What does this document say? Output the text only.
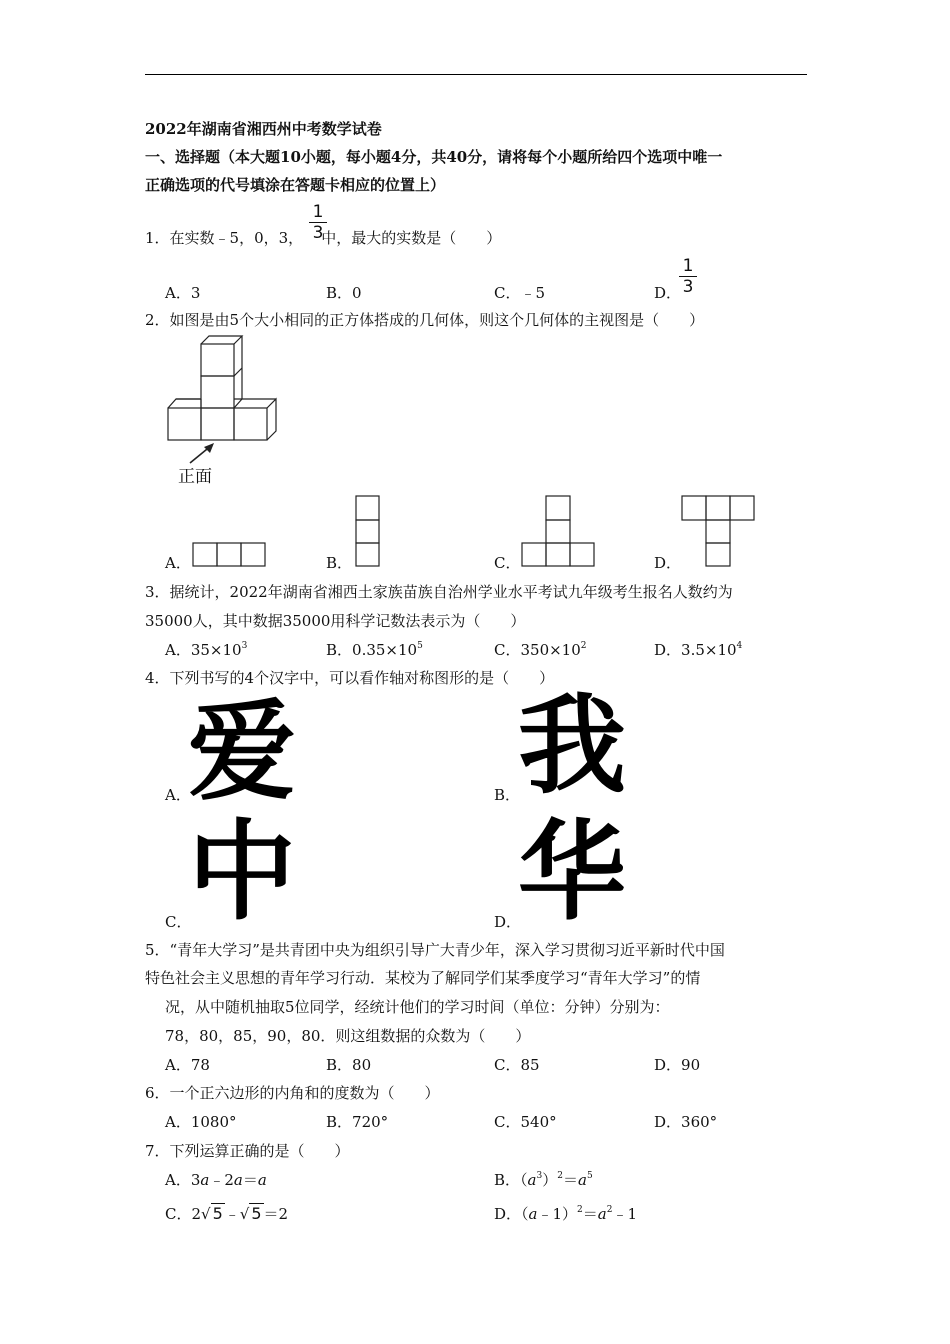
2022年湖南省湘西州中考数学试卷
一、选择题（本大题10小题，每小题4分，共40分，请将每个小题所给四个选项中唯一
正确选项的代号填涂在答题卡相应的位置上）
1．在实数﹣5，0，3， 中，最大的实数是（　　）
1
3
A．3	B．0	C．﹣5	D．
1
3
2．如图是由5个大小相同的正方体搭成的几何体，则这个几何体的主视图是（　　）
正面
A．	B．	C．	D．
3．据统计，2022年湖南省湘西土家族苗族自治州学业水平考试九年级考生报名人数约为
35000人，其中数据35000用科学记数法表示为（　　）
A．$35\times 10^3$	B．$0.35\times 10^5$	C．$350\times 10^2$	D．$3.5\times 10^4$
4．下列书写的4个汉字中，可以看作轴对称图形的是（　　）
A．
爱	B．
我
C．
中	D．
华
5．“青年大学习”是共青团中央为组织引导广大青少年，深入学习贯彻习近平新时代中国
特色社会主义思想的青年学习行动．某校为了解同学们某季度学习“青年大学习”的情
况，从中随机抽取5位同学，经统计他们的学习时间（单位：分钟）分别为：
78，80，85，90，80．则这组数据的众数为（　　）
A．78	B．80	C．85	D．90
6．一个正六边形的内角和的度数为（　　）
A．1080°	B．720°	C．540°	D．360°
7．下列运算正确的是（　　）
A．3a﹣2a＝a	B．$(a^3)^2=a^5$
C．2√ 5 ﹣√ 5 ＝2	D．$(a﹣1)^2=a^2﹣1$
